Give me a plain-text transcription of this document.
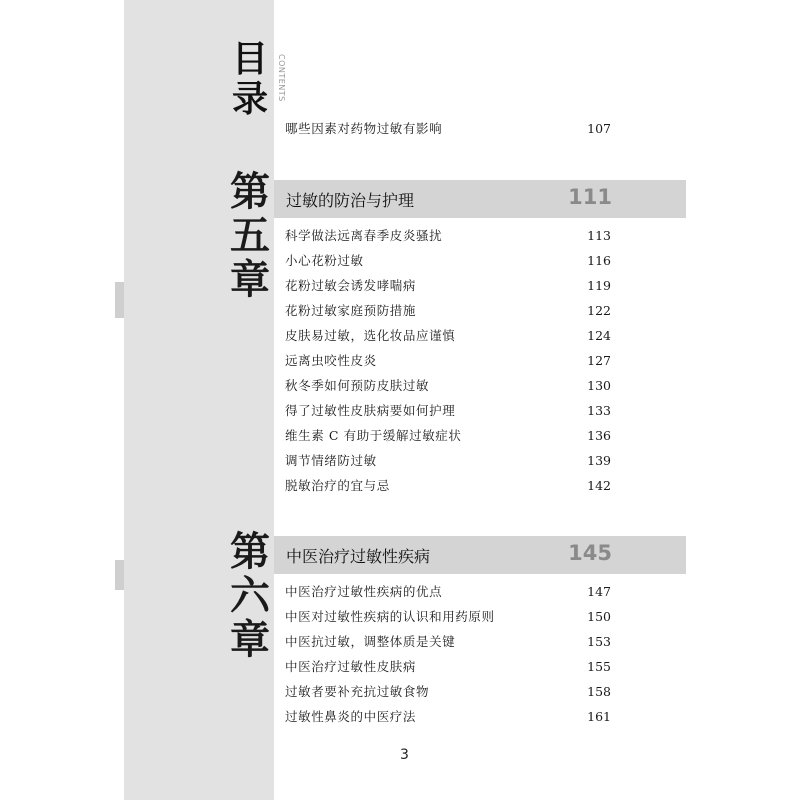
目
录	CONTENTS
哪些因素对药物过敏有影响	107
第
五
章
过敏的防治与护理	111
科学做法远离春季皮炎骚扰	113
小心花粉过敏	116
花粉过敏会诱发哮喘病	119
花粉过敏家庭预防措施	122
皮肤易过敏，选化妆品应谨慎	124
远离虫咬性皮炎	127
秋冬季如何预防皮肤过敏	130
得了过敏性皮肤病要如何护理	133
维生素 C 有助于缓解过敏症状	136
调节情绪防过敏	139
脱敏治疗的宜与忌	142
第
六
章
中医治疗过敏性疾病	145
中医治疗过敏性疾病的优点	147
中医对过敏性疾病的认识和用药原则	150
中医抗过敏，调整体质是关键	153
中医治疗过敏性皮肤病	155
过敏者要补充抗过敏食物	158
过敏性鼻炎的中医疗法	161
3
